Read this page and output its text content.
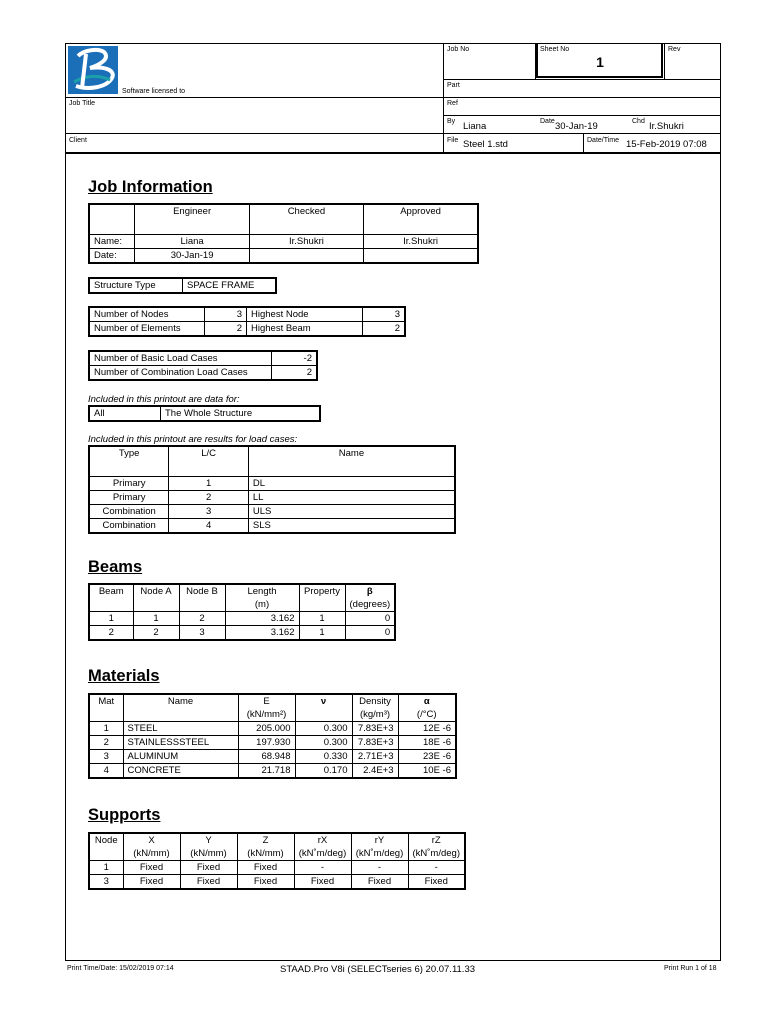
Software licensed to
Job Title
Client
Job No	Sheet No
1
Rev
Part
Ref
By Liana	Date 30-Jan-19	Chd Ir.Shukri
File Steel 1.std	Date/Time 15-Feb-2019 07:08
Job Information
	Engineer	Checked	Approved
Name:	Liana	Ir.Shukri	Ir.Shukri
Date:	30-Jan-19		
Structure Type	SPACE FRAME
Number of Nodes	3	Highest Node	3
Number of Elements	2	Highest Beam	2
Number of Basic Load Cases	-2
Number of Combination Load Cases	2
Included in this printout are data for:
All	The Whole Structure
Included in this printout are results for load cases:
Type	L/C	Name
Primary	1	DL
Primary	2	LL
Combination	3	ULS
Combination	4	SLS
Beams
Beam	Node A	Node B	Length	Property	β
			(m)		(degrees)
1	1	2	3.162	1	0
2	2	3	3.162	1	0
Materials
Mat	Name	E	ν	Density	α
		(kN/mm²)		(kg/m³)	(/°C)
1	STEEL	205.000	0.300	7.83E+3	12E -6
2	STAINLESSSTEEL	197.930	0.300	7.83E+3	18E -6
3	ALUMINUM	68.948	0.330	2.71E+3	23E -6
4	CONCRETE	21.718	0.170	2.4E+3	10E -6
Supports
Node	X	Y	Z	rX	rY	rZ
	(kN/mm)	(kN/mm)	(kN/mm)	(kN˚m/deg)	(kN˚m/deg)	(kN˚m/deg)
1	Fixed	Fixed	Fixed	-	-	-
3	Fixed	Fixed	Fixed	Fixed	Fixed	Fixed
Print Time/Date: 15/02/2019 07:14	STAAD.Pro V8i (SELECTseries 6) 20.07.11.33	Print Run 1 of 18
